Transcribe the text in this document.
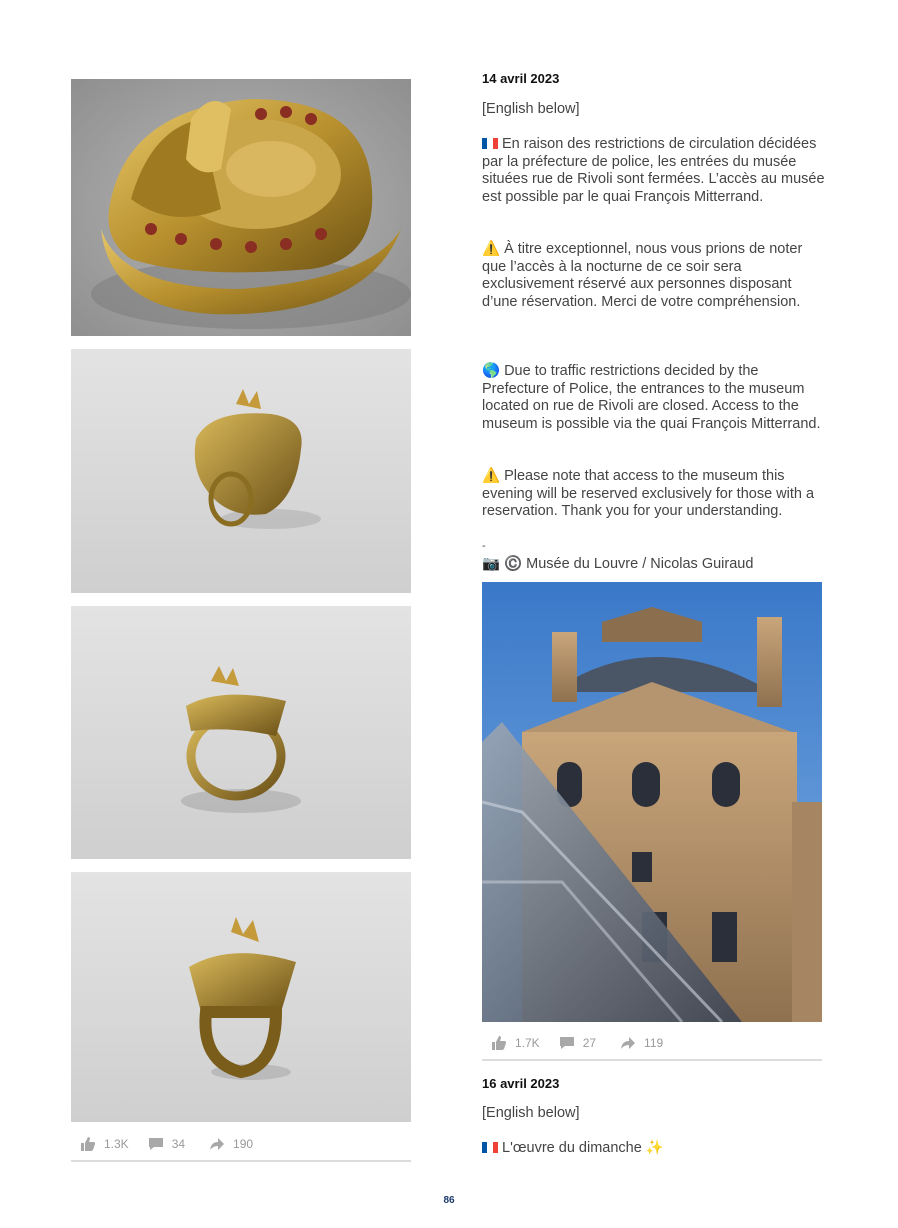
1.3K	34	190
14 avril 2023

[English below]

En raison des restrictions de circulation décidées par la préfecture de police, les entrées du musée situées rue de Rivoli sont fermées. L’accès au musée est possible par le quai François Mitterrand.

⚠️ À titre exceptionnel, nous vous prions de noter que l’accès à la nocturne de ce soir sera exclusivement réservé aux personnes disposant d’une réservation. Merci de votre compréhension.

🌎 Due to traffic restrictions decided by the Prefecture of Police, the entrances to the museum located on rue de Rivoli are closed. Access to the museum is possible via the quai François Mitterrand.

⚠️ Please note that access to the museum this evening will be reserved exclusively for those with a reservation. Thank you for your understanding.

-

📷 ©️ Musée du Louvre / Nicolas Guiraud

1.7K	27	119
16 avril 2023

[English below]

L'œuvre du dimanche ✨

86
